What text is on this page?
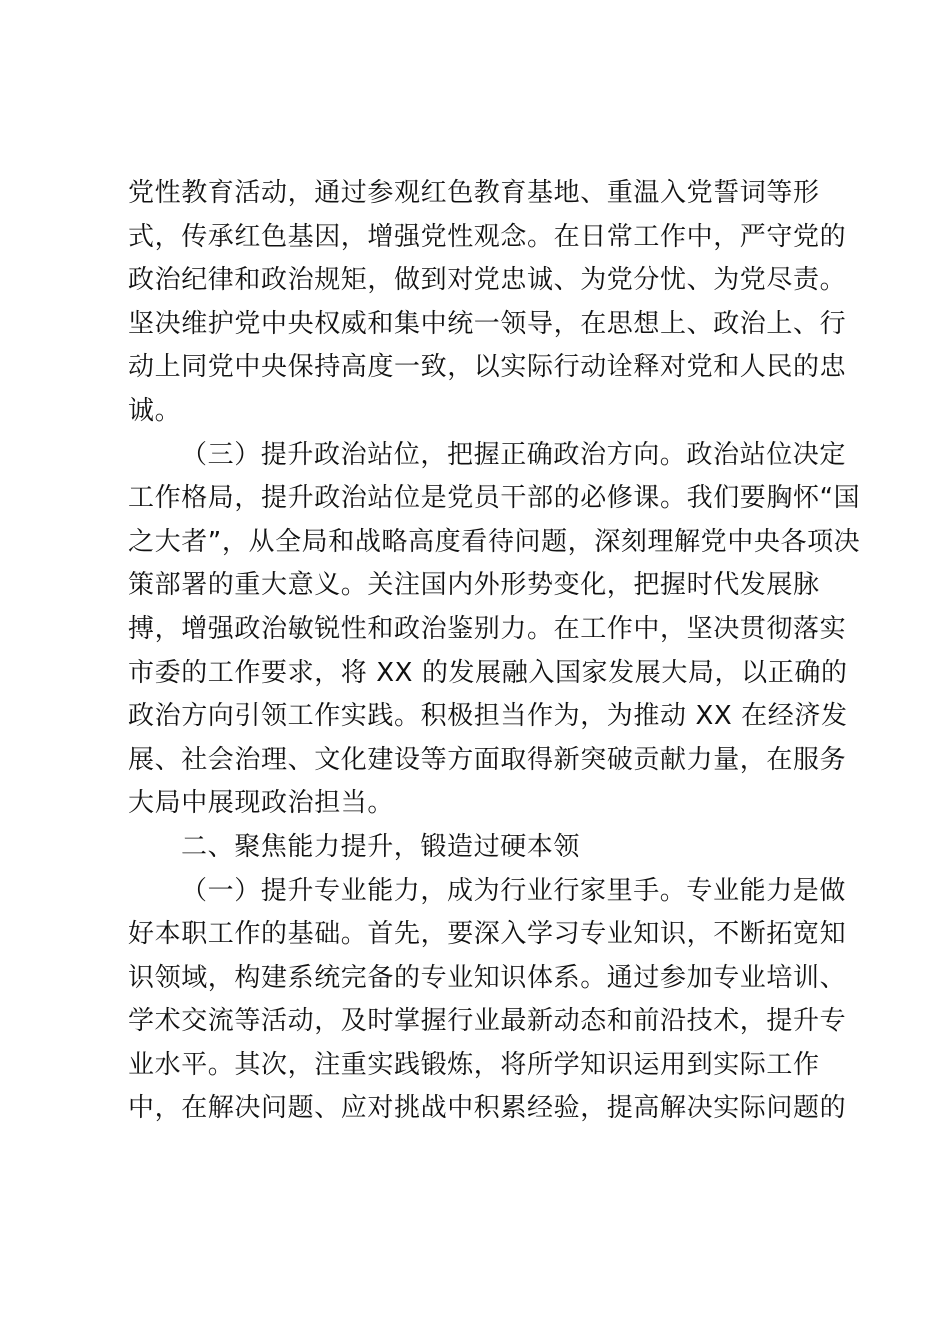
党性教育活动，通过参观红色教育基地、重温入党誓词等形
式，传承红色基因，增强党性观念。在日常工作中，严守党的
政治纪律和政治规矩，做到对党忠诚、为党分忧、为党尽责。
坚决维护党中央权威和集中统一领导，在思想上、政治上、行
动上同党中央保持高度一致，以实际行动诠释对党和人民的忠
诚。
（三）提升政治站位，把握正确政治方向。政治站位决定
工作格局，提升政治站位是党员干部的必修课。我们要胸怀“国
之大者”，从全局和战略高度看待问题，深刻理解党中央各项决
策部署的重大意义。关注国内外形势变化，把握时代发展脉
搏，增强政治敏锐性和政治鉴别力。在工作中，坚决贯彻落实
市委的工作要求，将 XX 的发展融入国家发展大局，以正确的
政治方向引领工作实践。积极担当作为，为推动 XX 在经济发
展、社会治理、文化建设等方面取得新突破贡献力量，在服务
大局中展现政治担当。
二、聚焦能力提升，锻造过硬本领
（一）提升专业能力，成为行业行家里手。专业能力是做
好本职工作的基础。首先，要深入学习专业知识，不断拓宽知
识领域，构建系统完备的专业知识体系。通过参加专业培训、
学术交流等活动，及时掌握行业最新动态和前沿技术，提升专
业水平。其次，注重实践锻炼，将所学知识运用到实际工作
中，在解决问题、应对挑战中积累经验，提高解决实际问题的
